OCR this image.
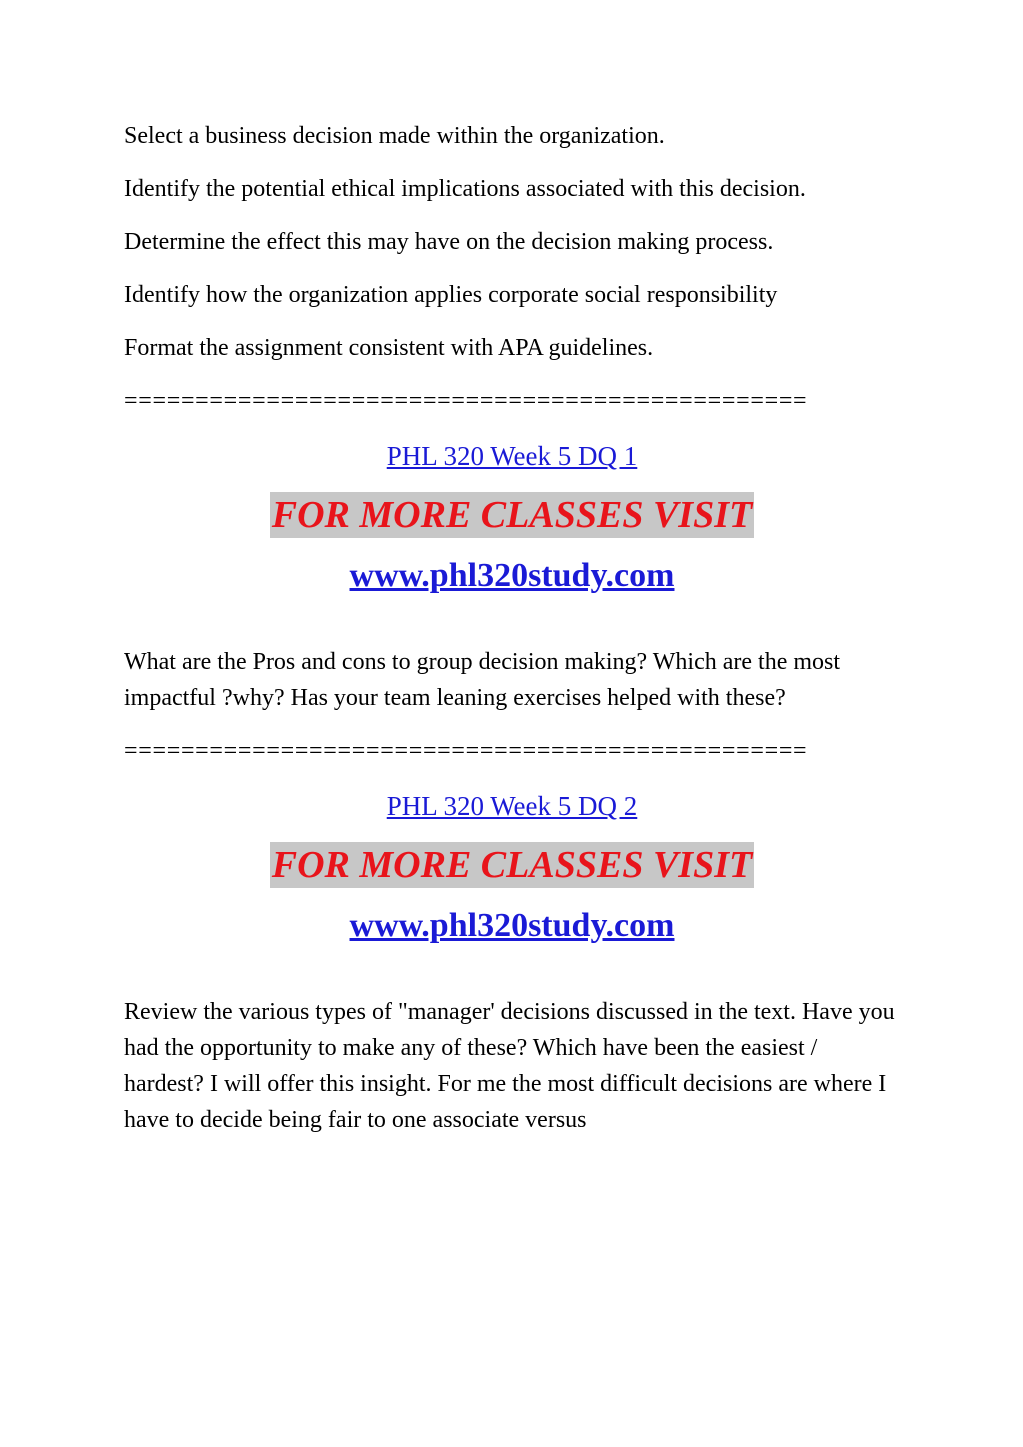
Select a business decision made within the organization.
Identify the potential ethical implications associated with this decision.
Determine the effect this may have on the decision making process.
Identify how the organization applies corporate social responsibility
Format the assignment consistent with APA guidelines.
================================================
PHL 320 Week 5 DQ 1
FOR MORE CLASSES VISIT
www.phl320study.com
What are the Pros and cons to group decision making? Which are the most impactful ?why? Has your team leaning exercises helped with these?
================================================
PHL 320 Week 5 DQ 2
FOR MORE CLASSES VISIT
www.phl320study.com
Review the various types of "manager' decisions discussed in the text. Have you had the opportunity to make any of these? Which have been the easiest / hardest? I will offer this insight. For me the most difficult decisions are where I have to decide being fair to one associate versus
